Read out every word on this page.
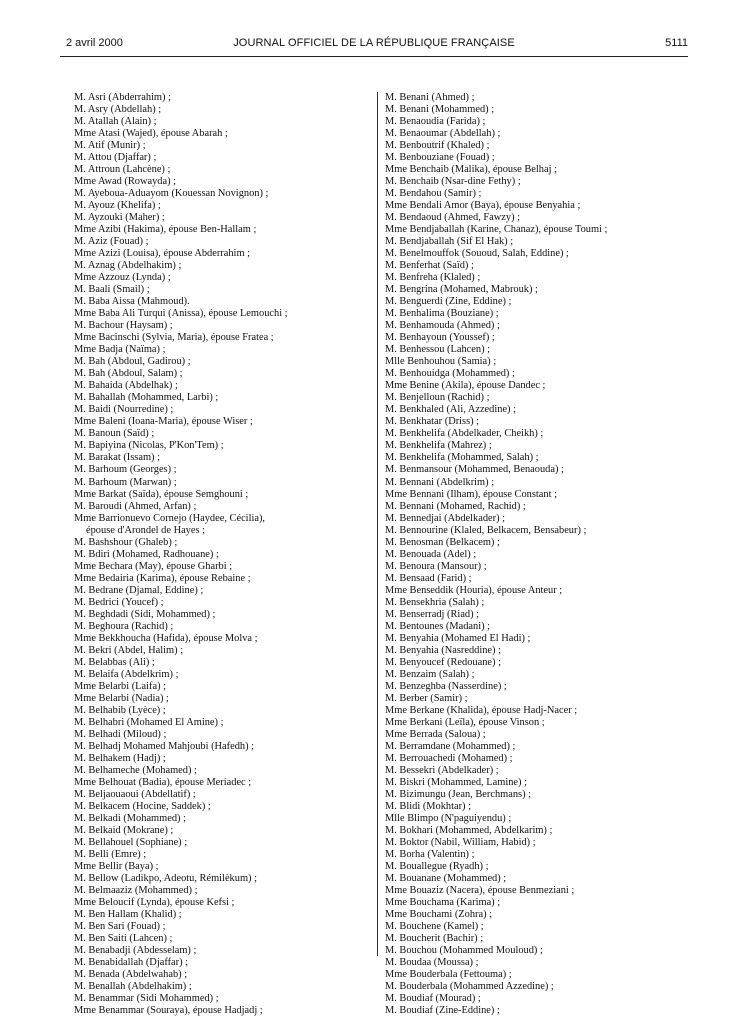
2 avril 2000	JOURNAL OFFICIEL DE LA RÉPUBLIQUE FRANÇAISE	5111
M. Asri (Abderrahim) ;
M. Asry (Abdellah) ;
M. Atallah (Alain) ;
Mme Atasi (Wajed), épouse Abarah ;
M. Atif (Munir) ;
M. Attou (Djaffar) ;
M. Attroun (Lahcène) ;
Mme Awad (Rowayda) ;
M. Ayeboua-Aduayom (Kouessan Novignon) ;
M. Ayouz (Khelifa) ;
M. Ayzouki (Maher) ;
Mme Azibi (Hakima), épouse Ben-Hallam ;
M. Aziz (Fouad) ;
Mme Azizi (Louisa), épouse Abderrahim ;
M. Aznag (Abdelhakim) ;
Mme Azzouz (Lynda) ;
M. Baali (Smail) ;
M. Baba Aissa (Mahmoud).
Mme Baba Ali Turqui (Anissa), épouse Lemouchi ;
M. Bachour (Haysam) ;
Mme Bacinschi (Sylvia, Maria), épouse Fratea ;
Mme Badja (Naïma) ;
M. Bah (Abdoul, Gadirou) ;
M. Bah (Abdoul, Salam) ;
M. Bahaida (Abdelhak) ;
M. Bahallah (Mohammed, Larbi) ;
M. Baidi (Nourredine) ;
Mme Baleni (Ioana-Maria), épouse Wiser ;
M. Banoun (Saïd) ;
M. Bapiyina (Nicolas, P'Kon'Tem) ;
M. Barakat (Issam) ;
M. Barhoum (Georges) ;
M. Barhoum (Marwan) ;
Mme Barkat (Saïda), épouse Semghouni ;
M. Baroudi (Ahmed, Arfan) ;
Mme Barrionuevo Cornejo (Haydee, Cécilia),
épouse d'Arondel de Hayes ;
M. Bashshour (Ghaleb) ;
M. Bdiri (Mohamed, Radhouane) ;
Mme Bechara (May), épouse Gharbi ;
Mme Bedairia (Karima), épouse Rebaine ;
M. Bedrane (Djamal, Eddine) ;
M. Bedrici (Youcef) ;
M. Beghdadi (Sidi, Mohammed) ;
M. Beghoura (Rachid) ;
Mme Bekkhoucha (Hafida), épouse Molva ;
M. Bekri (Abdel, Halim) ;
M. Belabbas (Ali) ;
M. Belaifa (Abdelkrim) ;
Mme Belarbi (Laifa) ;
Mme Belarbi (Nadia) ;
M. Belhabib (Lyèce) ;
M. Belhabri (Mohamed El Amine) ;
M. Belhadi (Miloud) ;
M. Belhadj Mohamed Mahjoubi (Hafedh) ;
M. Belhakem (Hadj) ;
M. Belhameche (Mohamed) ;
Mme Belhouat (Badia), épouse Meriadec ;
M. Beljaouaoui (Abdellatif) ;
M. Belkacem (Hocine, Saddek) ;
M. Belkadi (Mohammed) ;
M. Belkaid (Mokrane) ;
M. Bellahouel (Sophiane) ;
M. Belli (Emre) ;
Mme Bellir (Baya) ;
M. Bellow (Ladikpo, Adeotu, Rémilèkum) ;
M. Belmaaziz (Mohammed) ;
Mme Beloucif (Lynda), épouse Kefsi ;
M. Ben Hallam (Khalid) ;
M. Ben Sari (Fouad) ;
M. Ben Saiti (Lahcen) ;
M. Benabadji (Abdesselam) ;
M. Benabidallah (Djaffar) ;
M. Benada (Abdelwahab) ;
M. Benallah (Abdelhakim) ;
M. Benammar (Sidi Mohammed) ;
Mme Benammar (Souraya), épouse Hadjadj ;
M. Benani (Ahmed) ;
M. Benani (Mohammed) ;
M. Benaoudia (Farida) ;
M. Benaoumar (Abdellah) ;
M. Benboutrif (Khaled) ;
M. Benbouziane (Fouad) ;
Mme Benchaib (Malika), épouse Belhaj ;
M. Benchaib (Nsar-dine Fethy) ;
M. Bendahou (Samir) ;
Mme Bendali Amor (Baya), épouse Benyahia ;
M. Bendaoud (Ahmed, Fawzy) ;
Mme Bendjaballah (Karine, Chanaz), épouse Toumi ;
M. Bendjaballah (Sif El Hak) ;
M. Benelmouffok (Sououd, Salah, Eddine) ;
M. Benferhat (Saïd) ;
M. Benfreha (Klaled) ;
M. Bengrina (Mohamed, Mabrouk) ;
M. Benguerdi (Zine, Eddine) ;
M. Benhalima (Bouziane) ;
M. Benhamouda (Ahmed) ;
M. Benhayoun (Youssef) ;
M. Benhessou (Lahcen) ;
Mlle Benhouhou (Samia) ;
M. Benhouidga (Mohammed) ;
Mme Benine (Akila), épouse Dandec ;
M. Benjelloun (Rachid) ;
M. Benkhaled (Ali, Azzedine) ;
M. Benkhatar (Driss) ;
M. Benkhelifa (Abdelkader, Cheikh) ;
M. Benkhelifa (Mahrez) ;
M. Benkhelifa (Mohammed, Salah) ;
M. Benmansour (Mohammed, Benaouda) ;
M. Bennani (Abdelkrim) ;
Mme Bennani (Ilham), épouse Constant ;
M. Bennani (Mohamed, Rachid) ;
M. Bennedjai (Abdelkader) ;
M. Bennourine (Klaled, Belkacem, Bensabeur) ;
M. Benosman (Belkacem) ;
M. Benouada (Adel) ;
M. Benoura (Mansour) ;
M. Bensaad (Farid) ;
Mme Benseddik (Houria), épouse Anteur ;
M. Bensekhria (Salah) ;
M. Benserradj (Riad) ;
M. Bentounes (Madani) ;
M. Benyahia (Mohamed El Hadi) ;
M. Benyahia (Nasreddine) ;
M. Benyoucef (Redouane) ;
M. Benzaim (Salah) ;
M. Benzeghba (Nasserdine) ;
M. Berber (Samir) ;
Mme Berkane (Khalida), épouse Hadj-Nacer ;
Mme Berkani (Leïla), épouse Vinson ;
Mme Berrada (Saloua) ;
M. Berramdane (Mohammed) ;
M. Berrouachedi (Mohamed) ;
M. Bessekri (Abdelkader) ;
M. Biskri (Mohammed, Lamine) ;
M. Bizimungu (Jean, Berchmans) ;
M. Blidi (Mokhtar) ;
Mlle Blimpo (N'paguiyendu) ;
M. Bokhari (Mohammed, Abdelkarim) ;
M. Boktor (Nabil, William, Habid) ;
M. Borha (Valentin) ;
M. Bouallegue (Ryadh) ;
M. Bouanane (Mohammed) ;
Mme Bouaziz (Nacera), épouse Benmeziani ;
Mme Bouchama (Karima) ;
Mme Bouchami (Zohra) ;
M. Bouchene (Kamel) ;
M. Boucherit (Bachir) ;
M. Bouchou (Mohammed Mouloud) ;
M. Boudaa (Moussa) ;
Mme Bouderbala (Fettouma) ;
M. Bouderbala (Mohammed Azzedine) ;
M. Boudiaf (Mourad) ;
M. Boudiaf (Zine-Eddine) ;
